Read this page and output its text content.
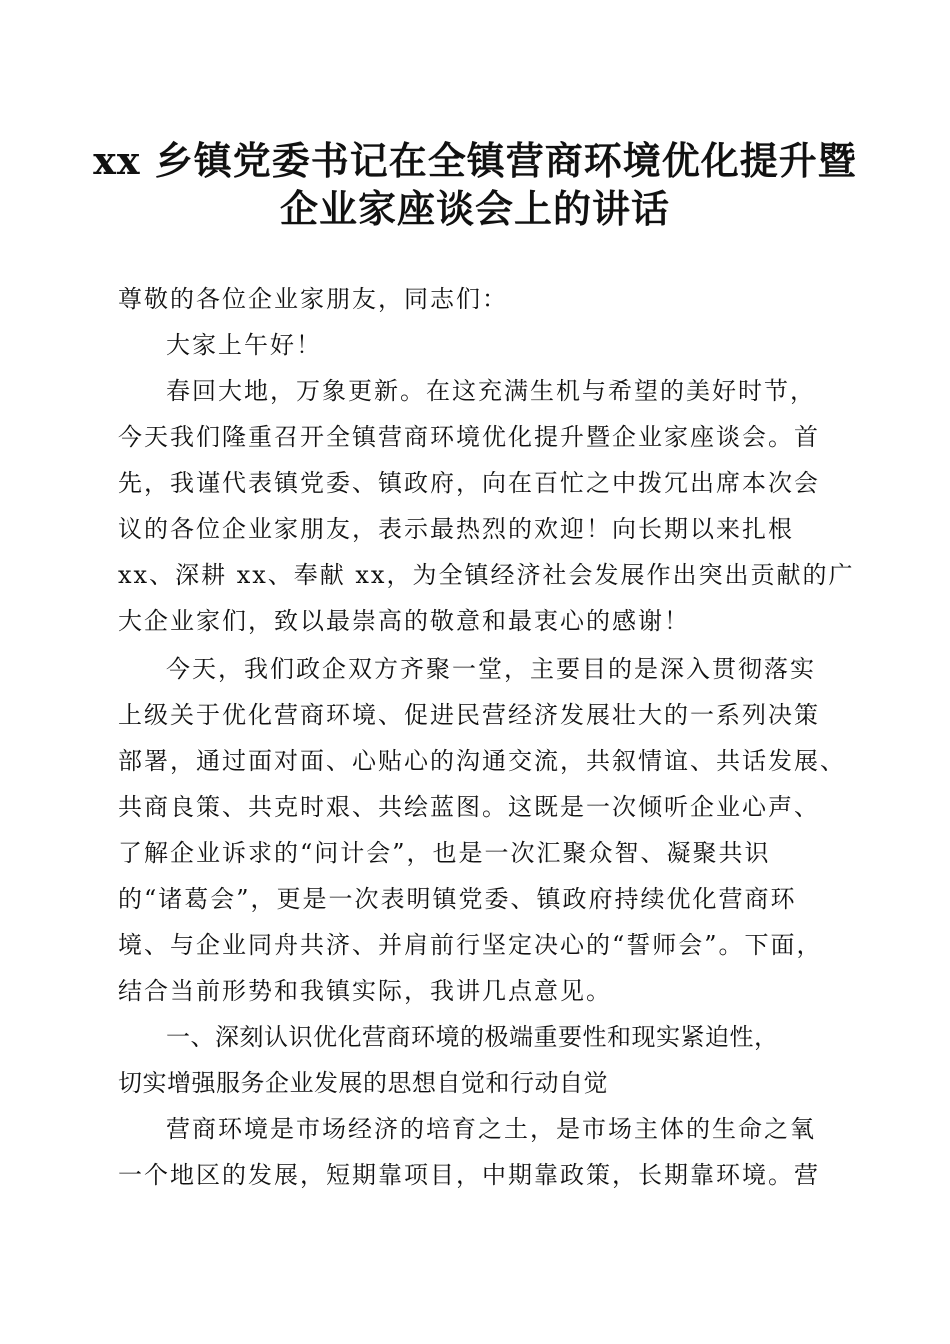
xx 乡镇党委书记在全镇营商环境优化提升暨
企业家座谈会上的讲话

尊敬的各位企业家朋友，同志们：

大家上午好！

春回大地，万象更新。在这充满生机与希望的美好时节，

今天我们隆重召开全镇营商环境优化提升暨企业家座谈会。首

先，我谨代表镇党委、镇政府，向在百忙之中拨冗出席本次会

议的各位企业家朋友，表示最热烈的欢迎！向长期以来扎根

xx、深耕 xx、奉献 xx，为全镇经济社会发展作出突出贡献的广

大企业家们，致以最崇高的敬意和最衷心的感谢！

今天，我们政企双方齐聚一堂，主要目的是深入贯彻落实

上级关于优化营商环境、促进民营经济发展壮大的一系列决策

部署，通过面对面、心贴心的沟通交流，共叙情谊、共话发展、

共商良策、共克时艰、共绘蓝图。这既是一次倾听企业心声、

了解企业诉求的“问计会”，也是一次汇聚众智、凝聚共识

的“诸葛会”，更是一次表明镇党委、镇政府持续优化营商环

境、与企业同舟共济、并肩前行坚定决心的“誓师会”。下面，

结合当前形势和我镇实际，我讲几点意见。

一、深刻认识优化营商环境的极端重要性和现实紧迫性，

切实增强服务企业发展的思想自觉和行动自觉

营商环境是市场经济的培育之土，是市场主体的生命之氧

一个地区的发展，短期靠项目，中期靠政策，长期靠环境。营
